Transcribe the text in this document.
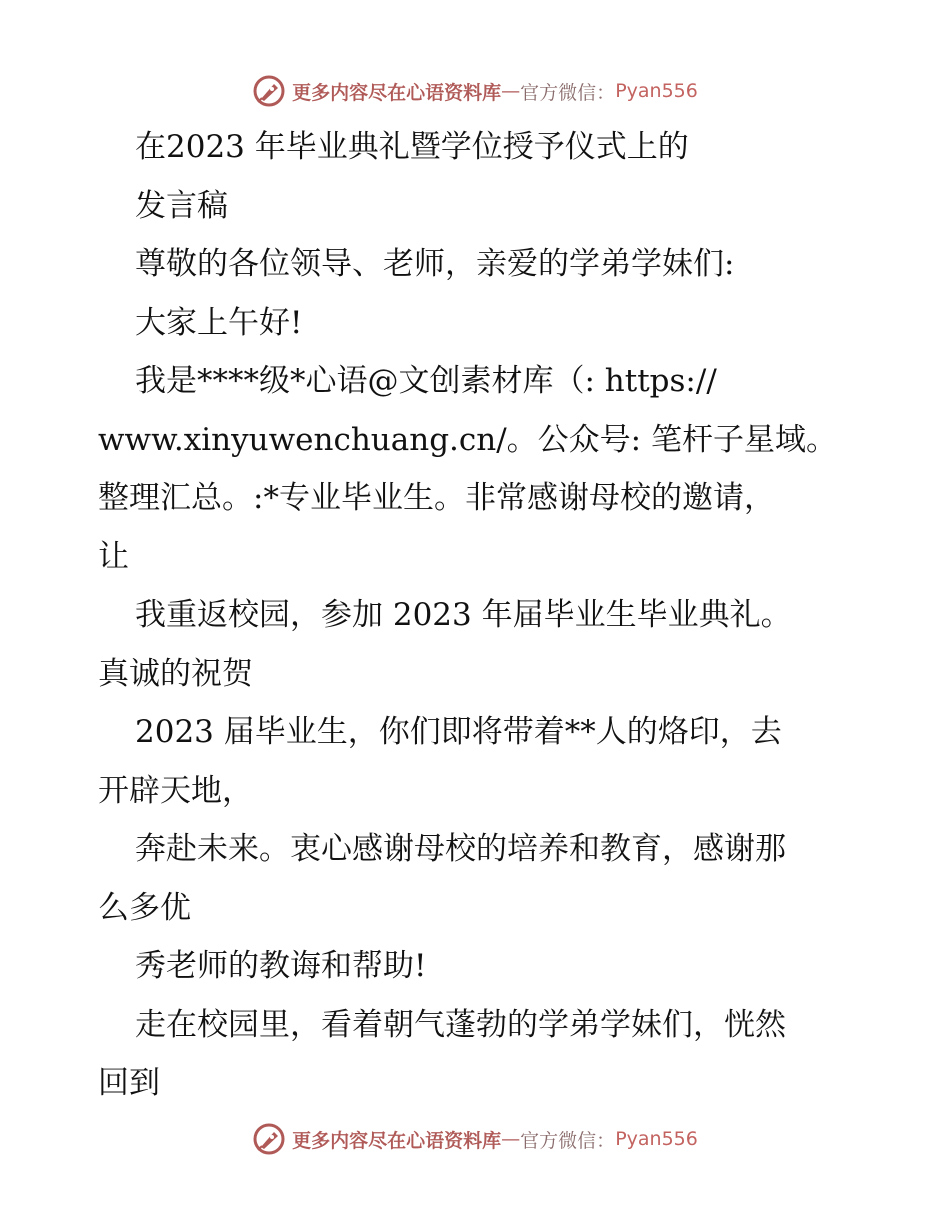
更多内容尽在心语资料库 — 官方微信： Pyan556
在2023 年毕业典礼暨学位授予仪式上的
发言稿
尊敬的各位领导、老师，亲爱的学弟学妹们:
大家上午好!
我是****级*心语@文创素材库（: https://
www.xinyuwenchuang.cn/。公众号: 笔杆子星域。
整理汇总。:*专业毕业生。非常感谢母校的邀请，
让
我重返校园，参加 2023 年届毕业生毕业典礼。
真诚的祝贺
2023 届毕业生，你们即将带着**人的烙印，去
开辟天地，
奔赴未来。衷心感谢母校的培养和教育，感谢那
么多优
秀老师的教诲和帮助!
走在校园里，看着朝气蓬勃的学弟学妹们，恍然
回到
更多内容尽在心语资料库 — 官方微信： Pyan556
